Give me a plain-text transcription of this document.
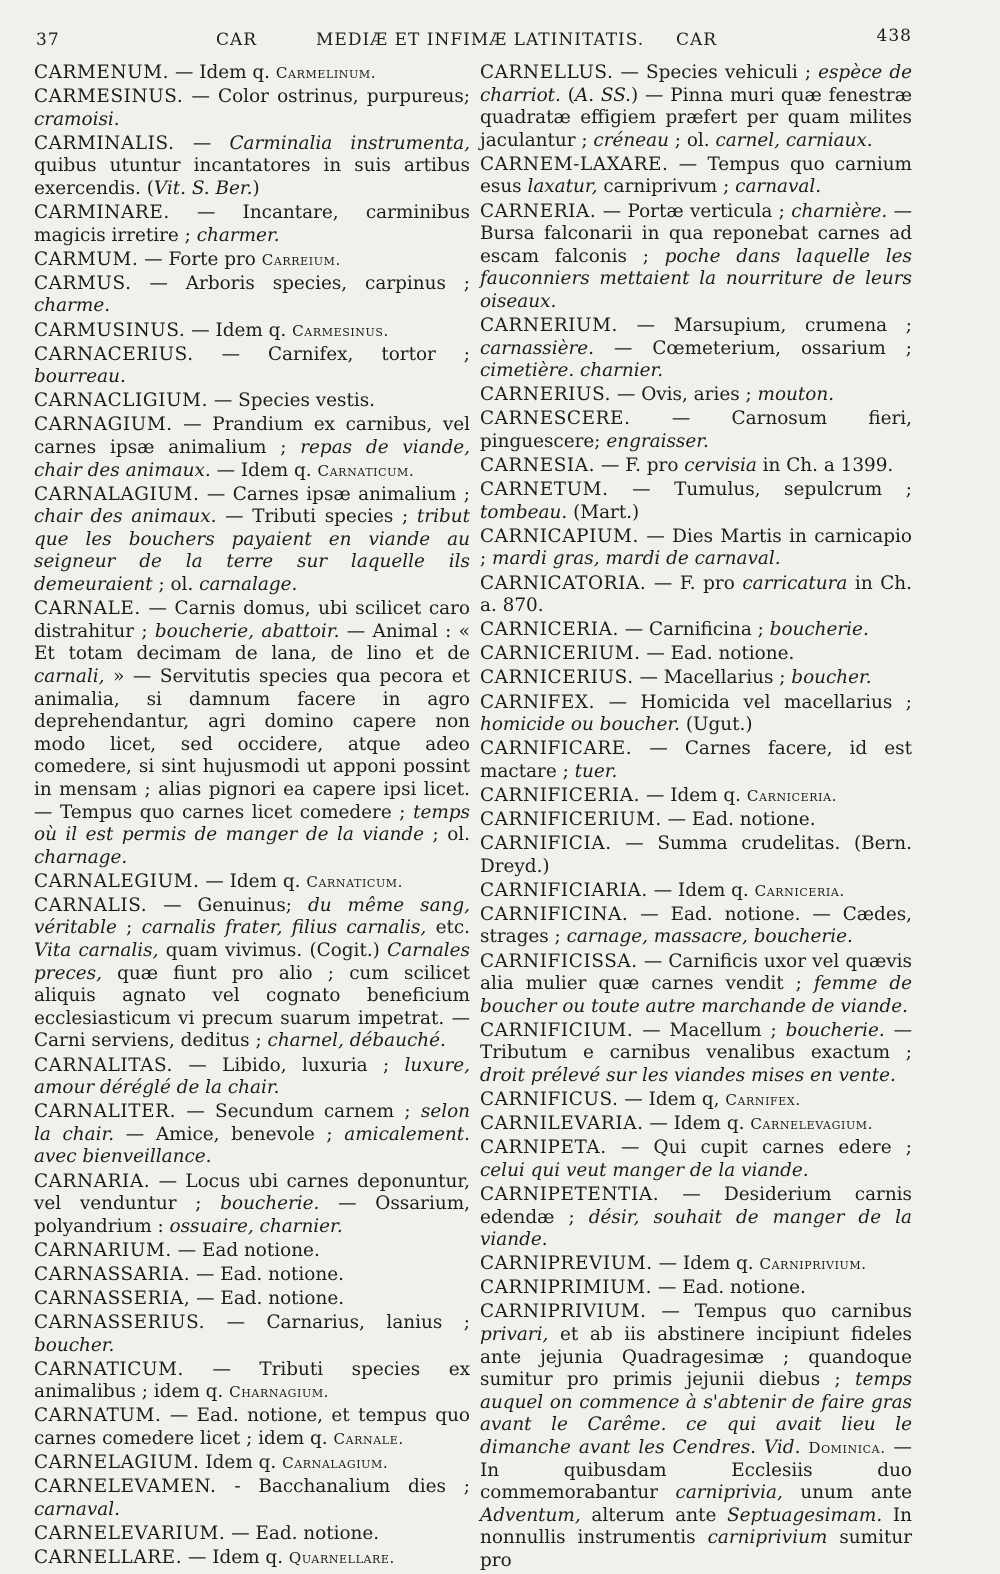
37	CAR	MEDIÆ ET INFIMÆ LATINITATIS. CAR	438
CARMENUM. — Idem q. Carmelinum.
CARMESINUS. — Color ostrinus, purpureus; cramoisi.
CARMINALIS. — Carminalia instrumenta, quibus utuntur incantatores in suis artibus exercendis. (Vit. S. Ber.)
CARMINARE. — Incantare, carminibus magicis irretire ; charmer.
CARMUM. — Forte pro Carreium.
CARMUS. — Arboris species, carpinus ; charme.
CARMUSINUS. — Idem q. Carmesinus.
CARNACERIUS. — Carnifex, tortor ; bourreau.
CARNACLIGIUM. — Species vestis.
CARNAGIUM. — Prandium ex carnibus, vel carnes ipsæ animalium ; repas de viande, chair des animaux. — Idem q. Carnaticum.
CARNALAGIUM. — Carnes ipsæ animalium ; chair des animaux. — Tributi species ; tribut que les bouchers payaient en viande au seigneur de la terre sur laquelle ils demeuraient ; ol. carnalage.
CARNALE. — Carnis domus, ubi scilicet caro distrahitur ; boucherie, abattoir. — Animal : « Et totam decimam de lana, de lino et de carnali, » — Servitutis species qua pecora et animalia, si damnum facere in agro deprehendantur, agri domino capere non modo licet, sed occidere, atque adeo comedere, si sint hujusmodi ut apponi possint in mensam ; alias pignori ea capere ipsi licet. — Tempus quo carnes licet comedere ; temps où il est permis de manger de la viande ; ol. charnage.
CARNALEGIUM. — Idem q. Carnaticum.
CARNALIS. — Genuinus; du même sang, véritable ; carnalis frater, filius carnalis, etc. Vita carnalis, quam vivimus. (Cogit.) Carnales preces, quæ fiunt pro alio ; cum scilicet aliquis agnato vel cognato beneficium ecclesiasticum vi precum suarum impetrat. — Carni serviens, deditus ; charnel, débauché.
CARNALITAS. — Libido, luxuria ; luxure, amour déréglé de la chair.
CARNALITER. — Secundum carnem ; selon la chair. — Amice, benevole ; amicalement. avec bienveillance.
CARNARIA. — Locus ubi carnes deponuntur, vel venduntur ; boucherie. — Ossarium, polyandrium : ossuaire, charnier.
CARNARIUM. — Ead notione.
CARNASSARIA. — Ead. notione.
CARNASSERIA, — Ead. notione.
CARNASSERIUS. — Carnarius, lanius ; boucher.
CARNATICUM. — Tributi species ex animalibus ; idem q. Charnagium.
CARNATUM. — Ead. notione, et tempus quo carnes comedere licet ; idem q. Carnale.
CARNELAGIUM. Idem q. Carnalagium.
CARNELEVAMEN. - Bacchanalium dies ; carnaval.
CARNELEVARIUM. — Ead. notione.
CARNELLARE. — Idem q. Quarnellare.
CARNELLUS. — Species vehiculi ; espèce de charriot. (A. SS.) — Pinna muri quæ fenestræ quadratæ effigiem præfert per quam milites jaculantur ; créneau ; ol. carnel, carniaux.
CARNEM-LAXARE. — Tempus quo carnium esus laxatur, carniprivum ; carnaval.
CARNERIA. — Portæ verticula ; charnière. — Bursa falconarii in qua reponebat carnes ad escam falconis ; poche dans laquelle les fauconniers mettaient la nourriture de leurs oiseaux.
CARNERIUM. — Marsupium, crumena ; carnassière. — Cœmeterium, ossarium ; cimetière. charnier.
CARNERIUS. — Ovis, aries ; mouton.
CARNESCERE. — Carnosum fieri, pinguescere; engraisser.
CARNESIA. — F. pro cervisia in Ch. a 1399.
CARNETUM. — Tumulus, sepulcrum ; tombeau. (Mart.)
CARNICAPIUM. — Dies Martis in carnicapio ; mardi gras, mardi de carnaval.
CARNICATORIA. — F. pro carricatura in Ch. a. 870.
CARNICERIA. — Carnificina ; boucherie.
CARNICERIUM. — Ead. notione.
CARNICERIUS. — Macellarius ; boucher.
CARNIFEX. — Homicida vel macellarius ; homicide ou boucher. (Ugut.)
CARNIFICARE. — Carnes facere, id est mactare ; tuer.
CARNIFICERIA. — Idem q. Carniceria.
CARNIFICERIUM. — Ead. notione.
CARNIFICIA. — Summa crudelitas. (Bern. Dreyd.)
CARNIFICIARIA. — Idem q. Carniceria.
CARNIFICINA. — Ead. notione. — Cædes, strages ; carnage, massacre, boucherie.
CARNIFICISSA. — Carnificis uxor vel quævis alia mulier quæ carnes vendit ; femme de boucher ou toute autre marchande de viande.
CARNIFICIUM. — Macellum ; boucherie. — Tributum e carnibus venalibus exactum ; droit prélevé sur les viandes mises en vente.
CARNIFICUS. — Idem q, Carnifex.
CARNILEVARIA. — Idem q. Carnelevagium.
CARNIPETA. — Qui cupit carnes edere ; celui qui veut manger de la viande.
CARNIPETENTIA. — Desiderium carnis edendæ ; désir, souhait de manger de la viande.
CARNIPREVIUM. — Idem q. Carniprivium.
CARNIPRIMIUM. — Ead. notione.
CARNIPRIVIUM. — Tempus quo carnibus privari, et ab iis abstinere incipiunt fideles ante jejunia Quadragesimæ ; quandoque sumitur pro primis jejunii diebus ; temps auquel on commence à s'abtenir de faire gras avant le Carême. ce qui avait lieu le dimanche avant les Cendres. Vid. Dominica. — In quibusdam Ecclesiis duo commemorabantur carniprivia, unum ante Adventum, alterum ante Septuagesimam. In nonnullis instrumentis carniprivium sumitur pro
